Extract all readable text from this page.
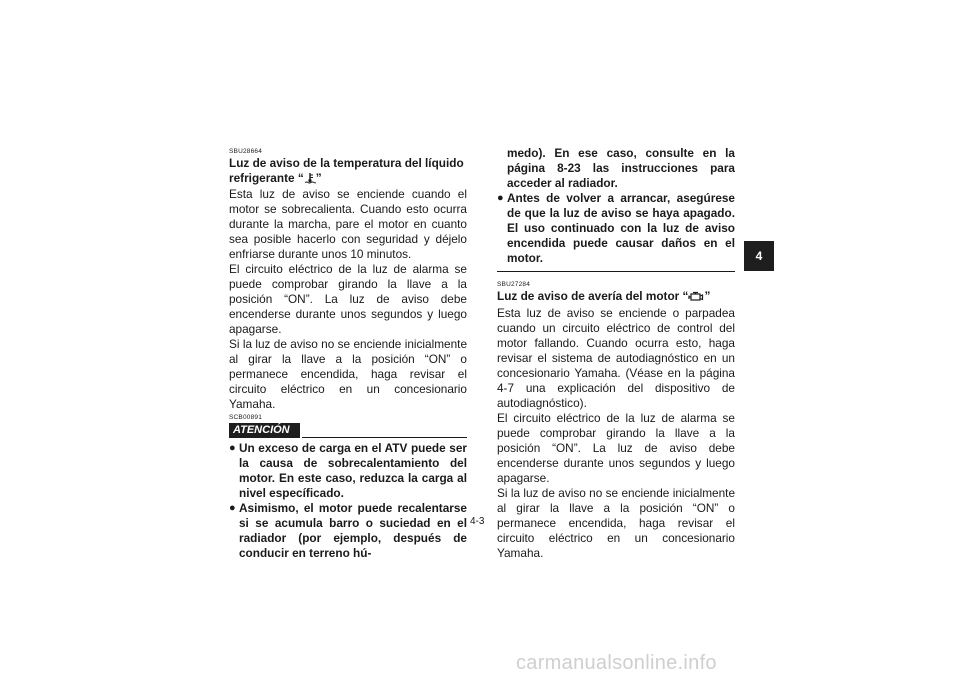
SBU28664
Luz de aviso de la temperatura del líquido
refrigerante “ ”

Esta luz de aviso se enciende cuando el motor se sobrecalienta. Cuando esto ocurra durante la marcha, pare el motor en cuanto sea posible hacerlo con seguridad y déjelo enfriarse durante unos 10 minutos.

El circuito eléctrico de la luz de alarma se puede comprobar girando la llave a la posición “ON”. La luz de aviso debe encenderse durante unos segundos y luego apagarse.

Si la luz de aviso no se enciende inicialmente al girar la llave a la posición “ON” o permanece encendida, haga revisar el circuito eléctrico en un concesionario Yamaha.

SCB00891
ATENCIÓN
● Un exceso de carga en el ATV puede ser la causa de sobrecalentamiento del motor. En este caso, reduzca la carga al nivel específicado.
● Asimismo, el motor puede recalentarse si se acumula barro o suciedad en el radiador (por ejemplo, después de conducir en terreno hú-
medo). En ese caso, consulte en la página 8-23 las instrucciones para acceder al radiador.
● Antes de volver a arrancar, asegúrese de que la luz de aviso se haya apagado. El uso continuado con la luz de aviso encendida puede causar daños en el motor.
SBU27284
Luz de aviso de avería del motor “ ”

Esta luz de aviso se enciende o parpadea cuando un circuito eléctrico de control del motor fallando. Cuando ocurra esto, haga revisar el sistema de autodiagnóstico en un concesionario Yamaha. (Véase en la página 4-7 una explicación del dispositivo de autodiagnóstico).

El circuito eléctrico de la luz de alarma se puede comprobar girando la llave a la posición “ON”. La luz de aviso debe encenderse durante unos segundos y luego apagarse.

Si la luz de aviso no se enciende inicialmente al girar la llave a la posición “ON” o permanece encendida, haga revisar el circuito eléctrico en un concesionario Yamaha.

4
4-3
carmanualsonline.info
